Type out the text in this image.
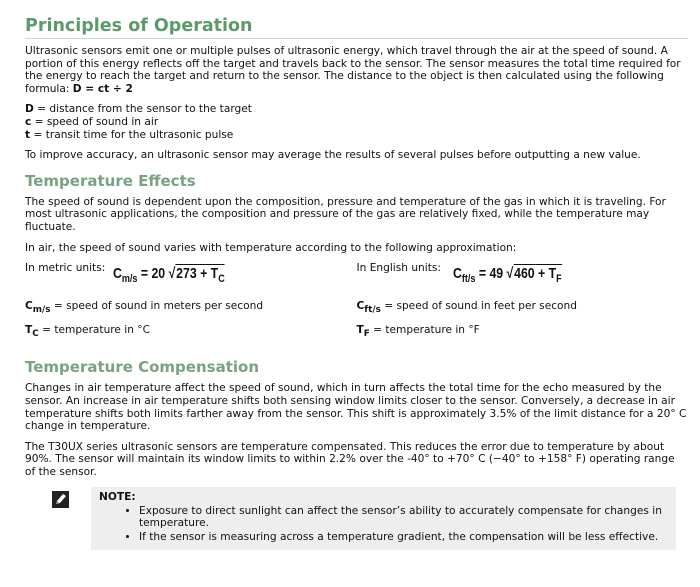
Principles of Operation

Ultrasonic sensors emit one or multiple pulses of ultrasonic energy, which travel through the air at the speed of sound. A portion of this energy reflects off the target and travels back to the sensor. The sensor measures the total time required for the energy to reach the target and return to the sensor. The distance to the object is then calculated using the following formula: D = ct ÷ 2

D = distance from the sensor to the target
c = speed of sound in air
t = transit time for the ultrasonic pulse

To improve accuracy, an ultrasonic sensor may average the results of several pulses before outputting a new value.

Temperature Effects

The speed of sound is dependent upon the composition, pressure and temperature of the gas in which it is traveling. For most ultrasonic applications, the composition and pressure of the gas are relatively fixed, while the temperature may fluctuate.

In air, the speed of sound varies with temperature according to the following approximation:

In metric units: $C_{m/s} = 20$ $√273 + T_C$
$C_{m/s}$ = speed of sound in meters per second
$T_C$ = temperature in °C
In English units: $C_{ft/s} = 49$ $√460 + T_F$
$C_{ft/s}$ = speed of sound in feet per second
$T_F$ = temperature in °F
Temperature Compensation

Changes in air temperature affect the speed of sound, which in turn affects the total time for the echo measured by the sensor. An increase in air temperature shifts both sensing window limits closer to the sensor. Conversely, a decrease in air temperature shifts both limits farther away from the sensor. This shift is approximately 3.5% of the limit distance for a 20° C change in temperature.

The T30UX series ultrasonic sensors are temperature compensated. This reduces the error due to temperature by about 90%. The sensor will maintain its window limits to within 2.2% over the -40° to +70° C (−40° to +158° F) operating range of the sensor.

NOTE:
• Exposure to direct sunlight can affect the sensor’s ability to accurately compensate for changes in temperature.
• If the sensor is measuring across a temperature gradient, the compensation will be less effective.
